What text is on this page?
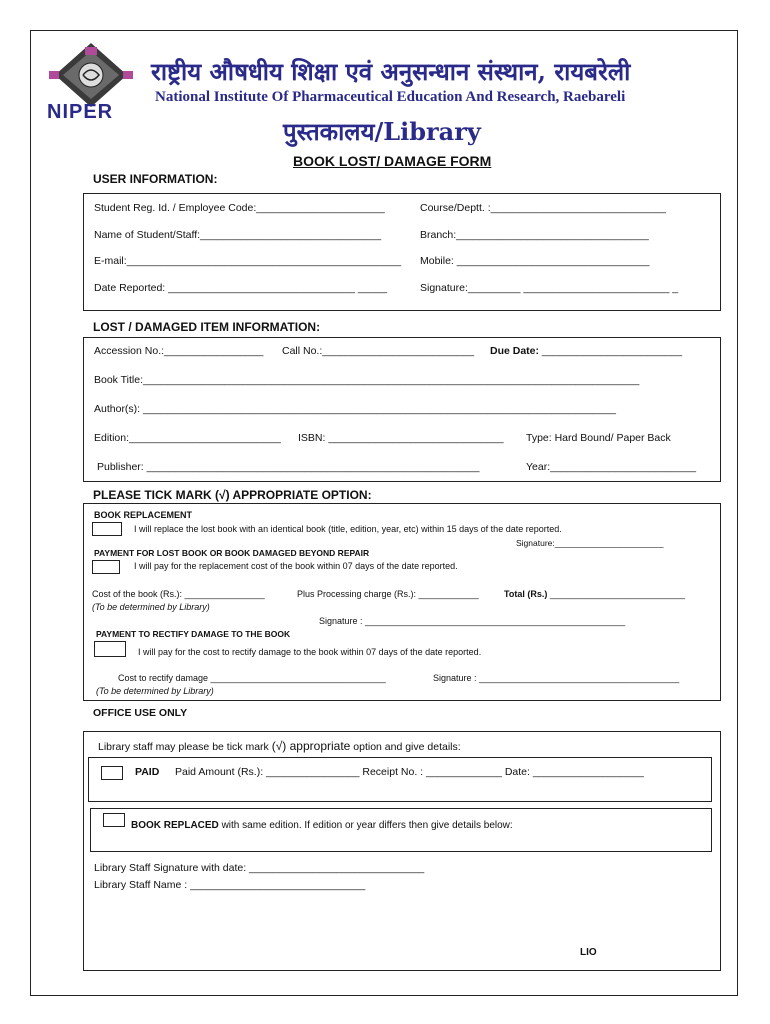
NIPER
राष्ट्रीय औषधीय शिक्षा एवं अनुसन्धान संस्थान, रायबरेली
National Institute Of Pharmaceutical Education And Research, Raebareli
पुस्तकालय/Library
BOOK LOST/ DAMAGE FORM
USER INFORMATION:
Student Reg. Id. / Employee Code:______________________	Course/Deptt. :______________________________
Name of Student/Staff:_______________________________	Branch:_________________________________
E-mail:_______________________________________________ Mobile: _________________________________
Date Reported: ________________________________ _____	Signature:_________ _________________________ _
LOST / DAMAGED ITEM INFORMATION:
Accession No.:_________________ Call No.:__________________________ Due Date: ________________________
Book Title:_____________________________________________________________________________________
Author(s): _________________________________________________________________________________
Edition:__________________________ ISBN: ______________________________ Type: Hard Bound/ Paper Back
Publisher: _________________________________________________________	Year:_________________________
PLEASE TICK MARK (√) APPROPRIATE OPTION:
BOOK REPLACEMENT
I will replace the lost book with an identical book (title, edition, year, etc) within 15 days of the date reported.
Signature:_______________________
PAYMENT FOR LOST BOOK OR BOOK DAMAGED BEYOND REPAIR
I will pay for the replacement cost of the book within 07 days of the date reported.
Cost of the book (Rs.): ________________	Plus Processing charge (Rs.): ____________	Total (Rs.) ___________________________
(To be determined by Library)
Signature : ____________________________________________________
PAYMENT TO RECTIFY DAMAGE TO THE BOOK
I will pay for the cost to rectify damage to the book within 07 days of the date reported.
Cost to rectify damage ___________________________________	Signature : ________________________________________
(To be determined by Library)
OFFICE USE ONLY
Library staff may please be tick mark (√) appropriate option and give details:
PAID Paid Amount (Rs.): ________________ Receipt No. : _____________ Date: ___________________
BOOK REPLACED with same edition. If edition or year differs then give details below:
Library Staff Signature with date: ______________________________
Library Staff Name : ______________________________
LIO
